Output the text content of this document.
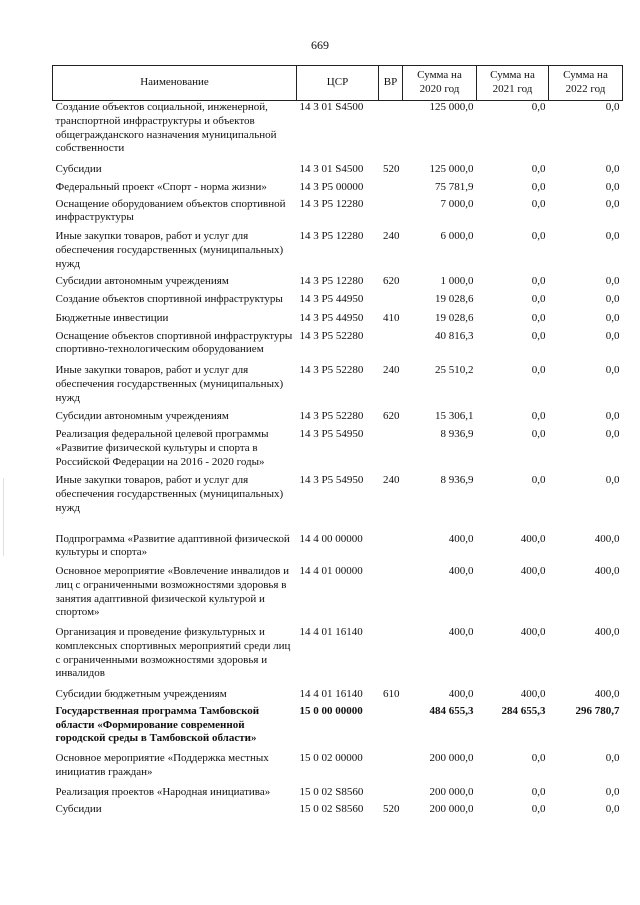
669
Наименование	ЦСР	ВР	Сумма на 2020 год	Сумма на 2021 год	Сумма на 2022 год
Создание объектов социальной, инженерной, транспортной инфраструктуры и объектов общегражданского назначения муниципальной собственности	14 3 01 S4500		125 000,0	0,0	0,0
Субсидии	14 3 01 S4500	520	125 000,0	0,0	0,0
Федеральный проект «Спорт - норма жизни»	14 3 P5 00000		75 781,9	0,0	0,0
Оснащение оборудованием объектов спортивной инфраструктуры	14 3 P5 12280		7 000,0	0,0	0,0
Иные закупки товаров, работ и услуг для обеспечения государственных (муниципальных) нужд	14 3 P5 12280	240	6 000,0	0,0	0,0
Субсидии автономным учреждениям	14 3 P5 12280	620	1 000,0	0,0	0,0
Создание объектов спортивной инфраструктуры	14 3 P5 44950		19 028,6	0,0	0,0
Бюджетные инвестиции	14 3 P5 44950	410	19 028,6	0,0	0,0
Оснащение объектов спортивной инфраструктуры спортивно-технологическим оборудованием	14 3 P5 52280		40 816,3	0,0	0,0
Иные закупки товаров, работ и услуг для обеспечения государственных (муниципальных) нужд	14 3 P5 52280	240	25 510,2	0,0	0,0
Субсидии автономным учреждениям	14 3 P5 52280	620	15 306,1	0,0	0,0
Реализация федеральной целевой программы «Развитие физической культуры и спорта в Российской Федерации на 2016 - 2020 годы»	14 3 P5 54950		8 936,9	0,0	0,0
Иные закупки товаров, работ и услуг для обеспечения государственных (муниципальных) нужд	14 3 P5 54950	240	8 936,9	0,0	0,0
Подпрограмма «Развитие адаптивной физической культуры и спорта»	14 4 00 00000		400,0	400,0	400,0
Основное мероприятие «Вовлечение инвалидов и лиц с ограниченными возможностями здоровья в занятия адаптивной физической культурой и спортом»	14 4 01 00000		400,0	400,0	400,0
Организация и проведение физкультурных и комплексных спортивных мероприятий среди лиц с ограниченными возможностями здоровья и инвалидов	14 4 01 16140		400,0	400,0	400,0
Субсидии бюджетным учреждениям	14 4 01 16140	610	400,0	400,0	400,0
Государственная программа Тамбовской области «Формирование современной городской среды в Тамбовской области»	15 0 00 00000		484 655,3	284 655,3	296 780,7
Основное мероприятие «Поддержка местных инициатив граждан»	15 0 02 00000		200 000,0	0,0	0,0
Реализация проектов «Народная инициатива»	15 0 02 S8560		200 000,0	0,0	0,0
Субсидии	15 0 02 S8560	520	200 000,0	0,0	0,0
